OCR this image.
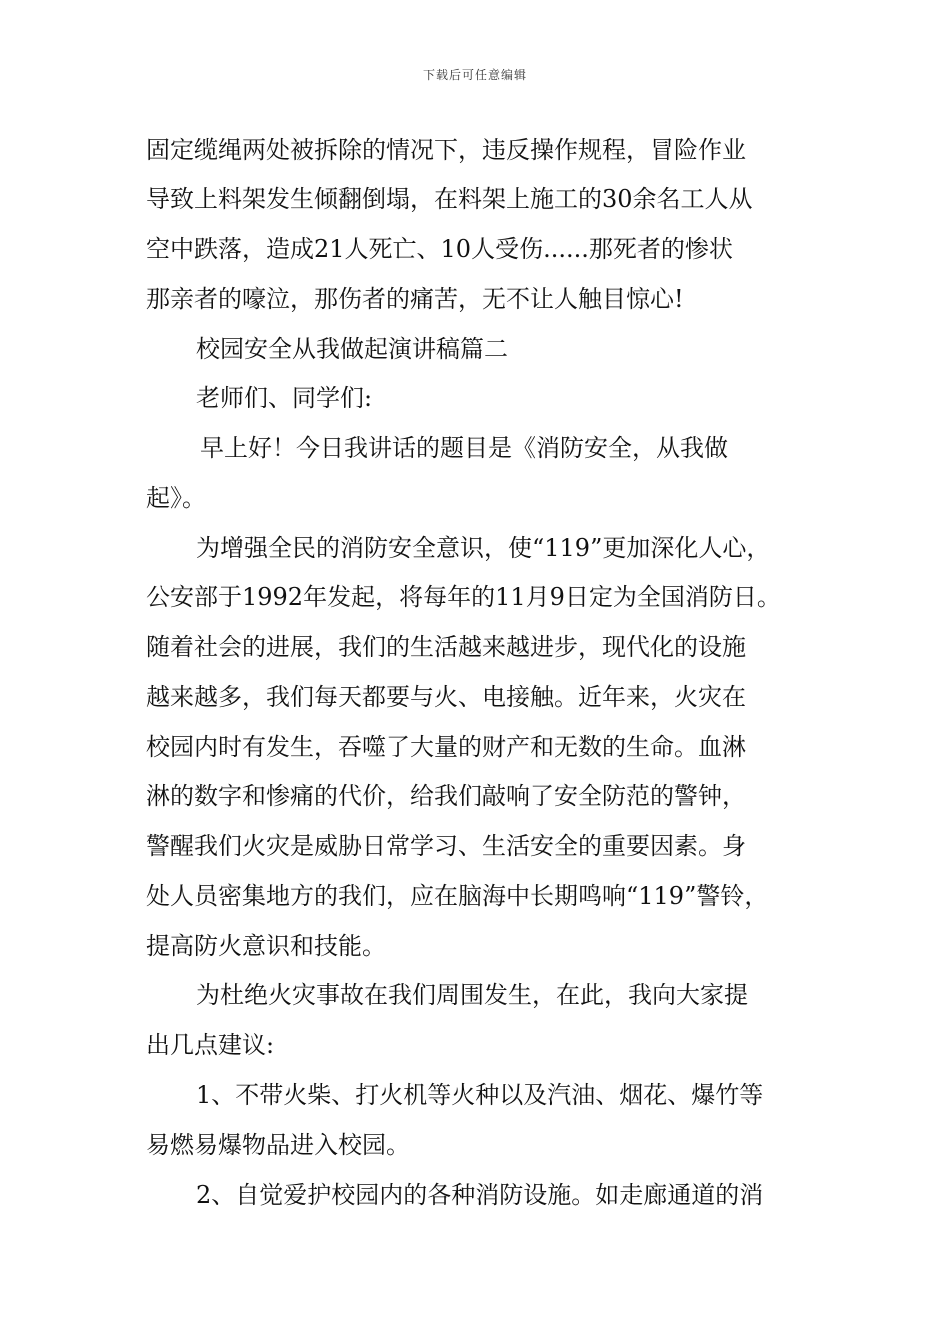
下载后可任意编辑
固定缆绳两处被拆除的情况下，违反操作规程，冒险作业
导致上料架发生倾翻倒塌，在料架上施工的30余名工人从
空中跌落，造成21人死亡、10人受伤......那死者的惨状
那亲者的嚎泣，那伤者的痛苦，无不让人触目惊心!
校园安全从我做起演讲稿篇二
老师们、同学们:
早上好！今日我讲话的题目是《消防安全，从我做
起》。
为增强全民的消防安全意识，使“119”更加深化人心，
公安部于1992年发起，将每年的11月9日定为全国消防日。
随着社会的进展，我们的生活越来越进步，现代化的设施
越来越多，我们每天都要与火、电接触。近年来，火灾在
校园内时有发生，吞噬了大量的财产和无数的生命。血淋
淋的数字和惨痛的代价，给我们敲响了安全防范的警钟，
警醒我们火灾是威胁日常学习、生活安全的重要因素。身
处人员密集地方的我们，应在脑海中长期鸣响“119”警铃，
提高防火意识和技能。
为杜绝火灾事故在我们周围发生，在此，我向大家提
出几点建议:
1、不带火柴、打火机等火种以及汽油、烟花、爆竹等
易燃易爆物品进入校园。
2、自觉爱护校园内的各种消防设施。如走廊通道的消
